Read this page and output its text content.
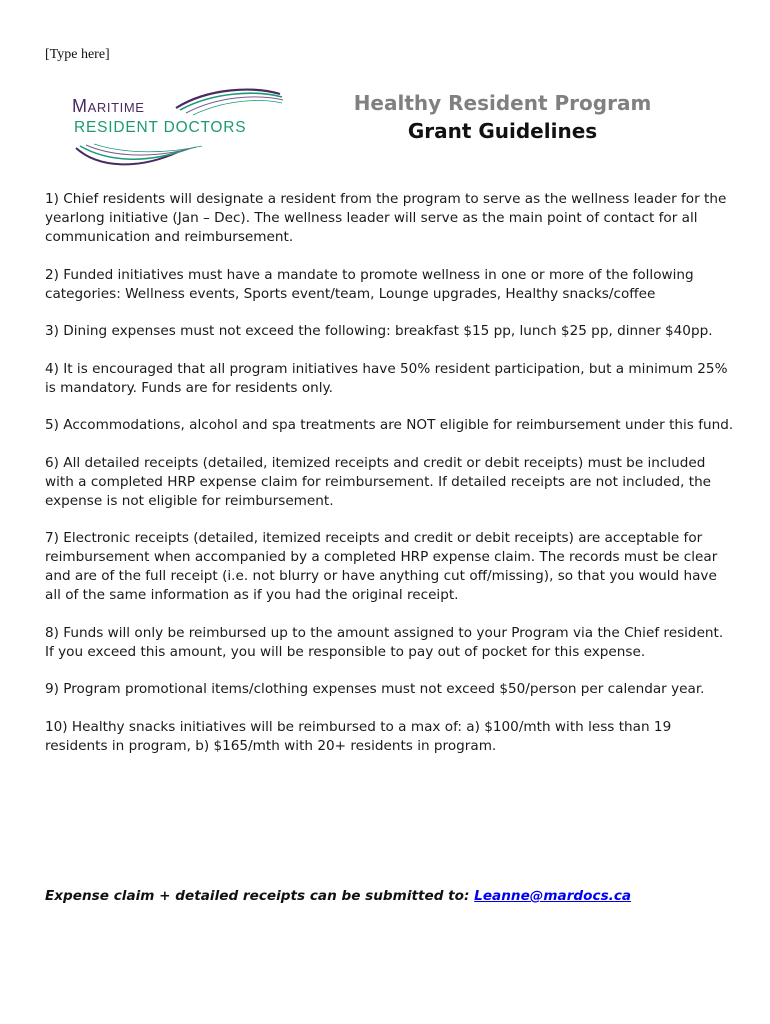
[Type here]
Maritime
RESIDENT DOCTORS
Healthy Resident Program
Grant Guidelines

1) Chief residents will designate a resident from the program to serve as the wellness leader for the yearlong initiative (Jan – Dec). The wellness leader will serve as the main point of contact for all communication and reimbursement.

2) Funded initiatives must have a mandate to promote wellness in one or more of the following categories: Wellness events, Sports event/team, Lounge upgrades, Healthy snacks/coffee

3) Dining expenses must not exceed the following: breakfast $15 pp, lunch $25 pp, dinner $40pp.

4) It is encouraged that all program initiatives have 50% resident participation, but a minimum 25% is mandatory. Funds are for residents only.

5) Accommodations, alcohol and spa treatments are NOT eligible for reimbursement under this fund.

6) All detailed receipts (detailed, itemized receipts and credit or debit receipts) must be included with a completed HRP expense claim for reimbursement. If detailed receipts are not included, the expense is not eligible for reimbursement.

7) Electronic receipts (detailed, itemized receipts and credit or debit receipts) are acceptable for reimbursement when accompanied by a completed HRP expense claim. The records must be clear and are of the full receipt (i.e. not blurry or have anything cut off/missing), so that you would have all of the same information as if you had the original receipt.

8) Funds will only be reimbursed up to the amount assigned to your Program via the Chief resident. If you exceed this amount, you will be responsible to pay out of pocket for this expense.

9) Program promotional items/clothing expenses must not exceed $50/person per calendar year.

10) Healthy snacks initiatives will be reimbursed to a max of: a) $100/mth with less than 19 residents in program, b) $165/mth with 20+ residents in program.

Expense claim + detailed receipts can be submitted to: Leanne@mardocs.ca
